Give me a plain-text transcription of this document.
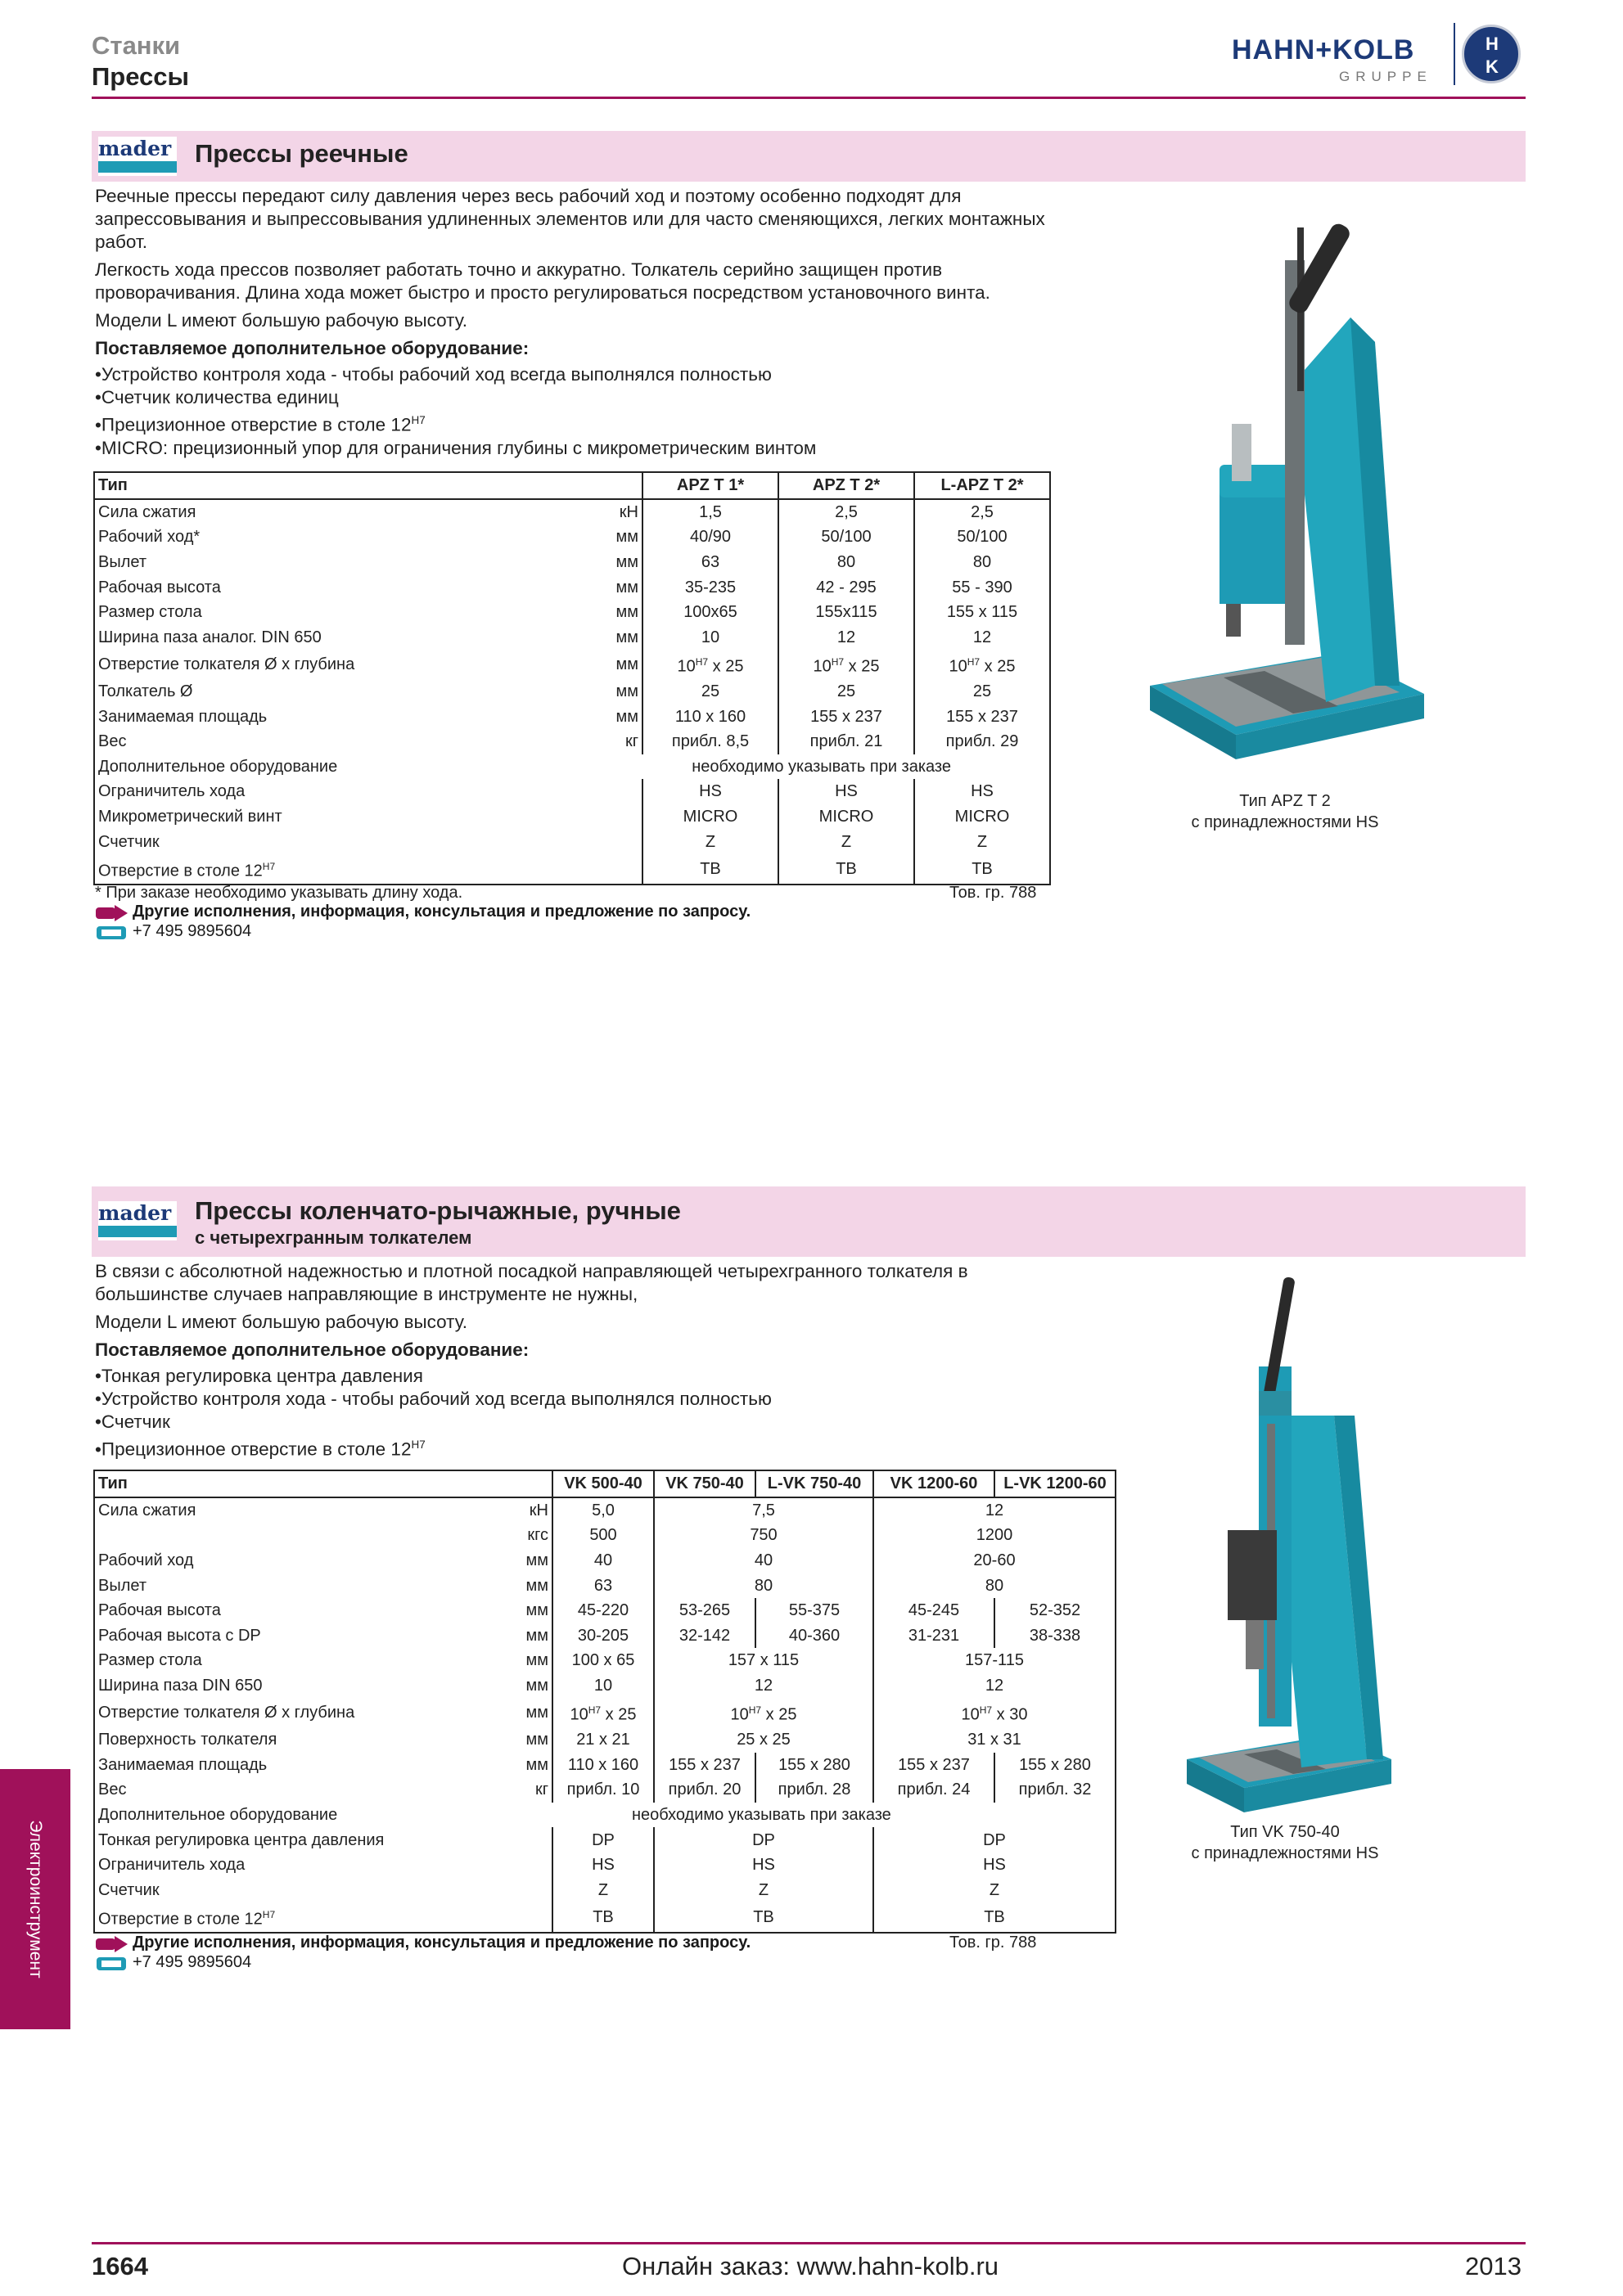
Станки
Прессы
HAHN+KOLB
GRUPPE
H
K
mader Прессы реечные

Реечные прессы передают силу давления через весь рабочий ход и поэтому особенно подходят для запрессовывания и выпрессовывания удлиненных элементов или для часто сменяющихся, легких монтажных работ.

Легкость хода прессов позволяет работать точно и аккуратно. Толкатель серийно защищен против проворачивания. Длина хода может быстро и просто регулироваться посредством установочного винта.

Модели L имеют большую рабочую высоту.

Поставляемое дополнительное оборудование:
• Устройство контроля хода - чтобы рабочий ход всегда выполнялся полностью
• Счетчик количества единиц
• Прецизионное отверстие в столе $12^{H7}$
• MICRO: прецизионный упор для ограничения глубины с микрометрическим винтом
Тип		APZ T 1*	APZ T 2*	L-APZ T 2*
Сила сжатия	кН	1,5	2,5	2,5
Рабочий ход*	мм	40/90	50/100	50/100
Вылет	мм	63	80	80
Рабочая высота	мм	35-235	42 - 295	55 - 390
Размер стола	мм	100x65	155x115	155 x 115
Ширина паза аналог. DIN 650	мм	10	12	12
Отверстие толкателя Ø x глубина	мм	$10^{H7}$ x 25	$10^{H7}$ x 25	$10^{H7}$ x 25
Толкатель Ø	мм	25	25	25
Занимаемая площадь	мм	110 x 160	155 x 237	155 x 237
Вес	кг	прибл. 8,5	прибл. 21	прибл. 29
Дополнительное оборудование	необходимо указывать при заказе			
Ограничитель хода		HS	HS	HS
Микрометрический винт		MICRO	MICRO	MICRO
Счетчик		Z	Z	Z
Отверстие в столе $12^{H7}$		TB	TB	TB
* При заказе необходимо указывать длину хода.	Тов. гр. 788
Другие исполнения, информация, консультация и предложение по запросу.
+7 495 9895604
Тип APZ T 2
с принадлежностями HS
mader Прессы коленчато-рычажные, ручные
с четырехгранным толкателем

В связи с абсолютной надежностью и плотной посадкой направляющей четырехгранного толкателя в большинстве случаев направляющие в инструменте не нужны,

Модели L имеют большую рабочую высоту.

Поставляемое дополнительное оборудование:
• Тонкая регулировка центра давления
• Устройство контроля хода - чтобы рабочий ход всегда выполнялся полностью
• Счетчик
• Прецизионное отверстие в столе $12^{H7}$
Тип		VK 500-40	VK 750-40	L-VK 750-40	VK 1200-60	L-VK 1200-60
Сила сжатия	кН	5,0	7,5		12	
	кгс	500	750		1200	
Рабочий ход	мм	40	40		20-60	
Вылет	мм	63	80		80	
Рабочая высота	мм	45-220	53-265	55-375	45-245	52-352
Рабочая высота с DP	мм	30-205	32-142	40-360	31-231	38-338
Размер стола	мм	100 x 65	157 x 115		157-115	
Ширина паза DIN 650	мм	10	12		12	
Отверстие толкателя Ø x глубина	мм	$10^{H7}$ x 25	$10^{H7}$ x 25		$10^{H7}$ x 30	
Поверхность толкателя	мм	21 x 21	25 x 25		31 x 31	
Занимаемая площадь	мм	110 x 160	155 x 237	155 x 280	155 x 237	155 x 280
Вес	кг	прибл. 10	прибл. 20	прибл. 28	прибл. 24	прибл. 32
Дополнительное оборудование	необходимо указывать при заказе					
Тонкая регулировка центра давления		DP	DP		DP	
Ограничитель хода		HS	HS		HS	
Счетчик		Z	Z		Z	
Отверстие в столе $12^{H7}$		TB	TB		TB	
Другие исполнения, информация, консультация и предложение по запросу.	Тов. гр. 788
+7 495 9895604
Тип VK 750-40
с принадлежностями HS
Электроинструмент
1664	Онлайн заказ: www.hahn-kolb.ru	2013
